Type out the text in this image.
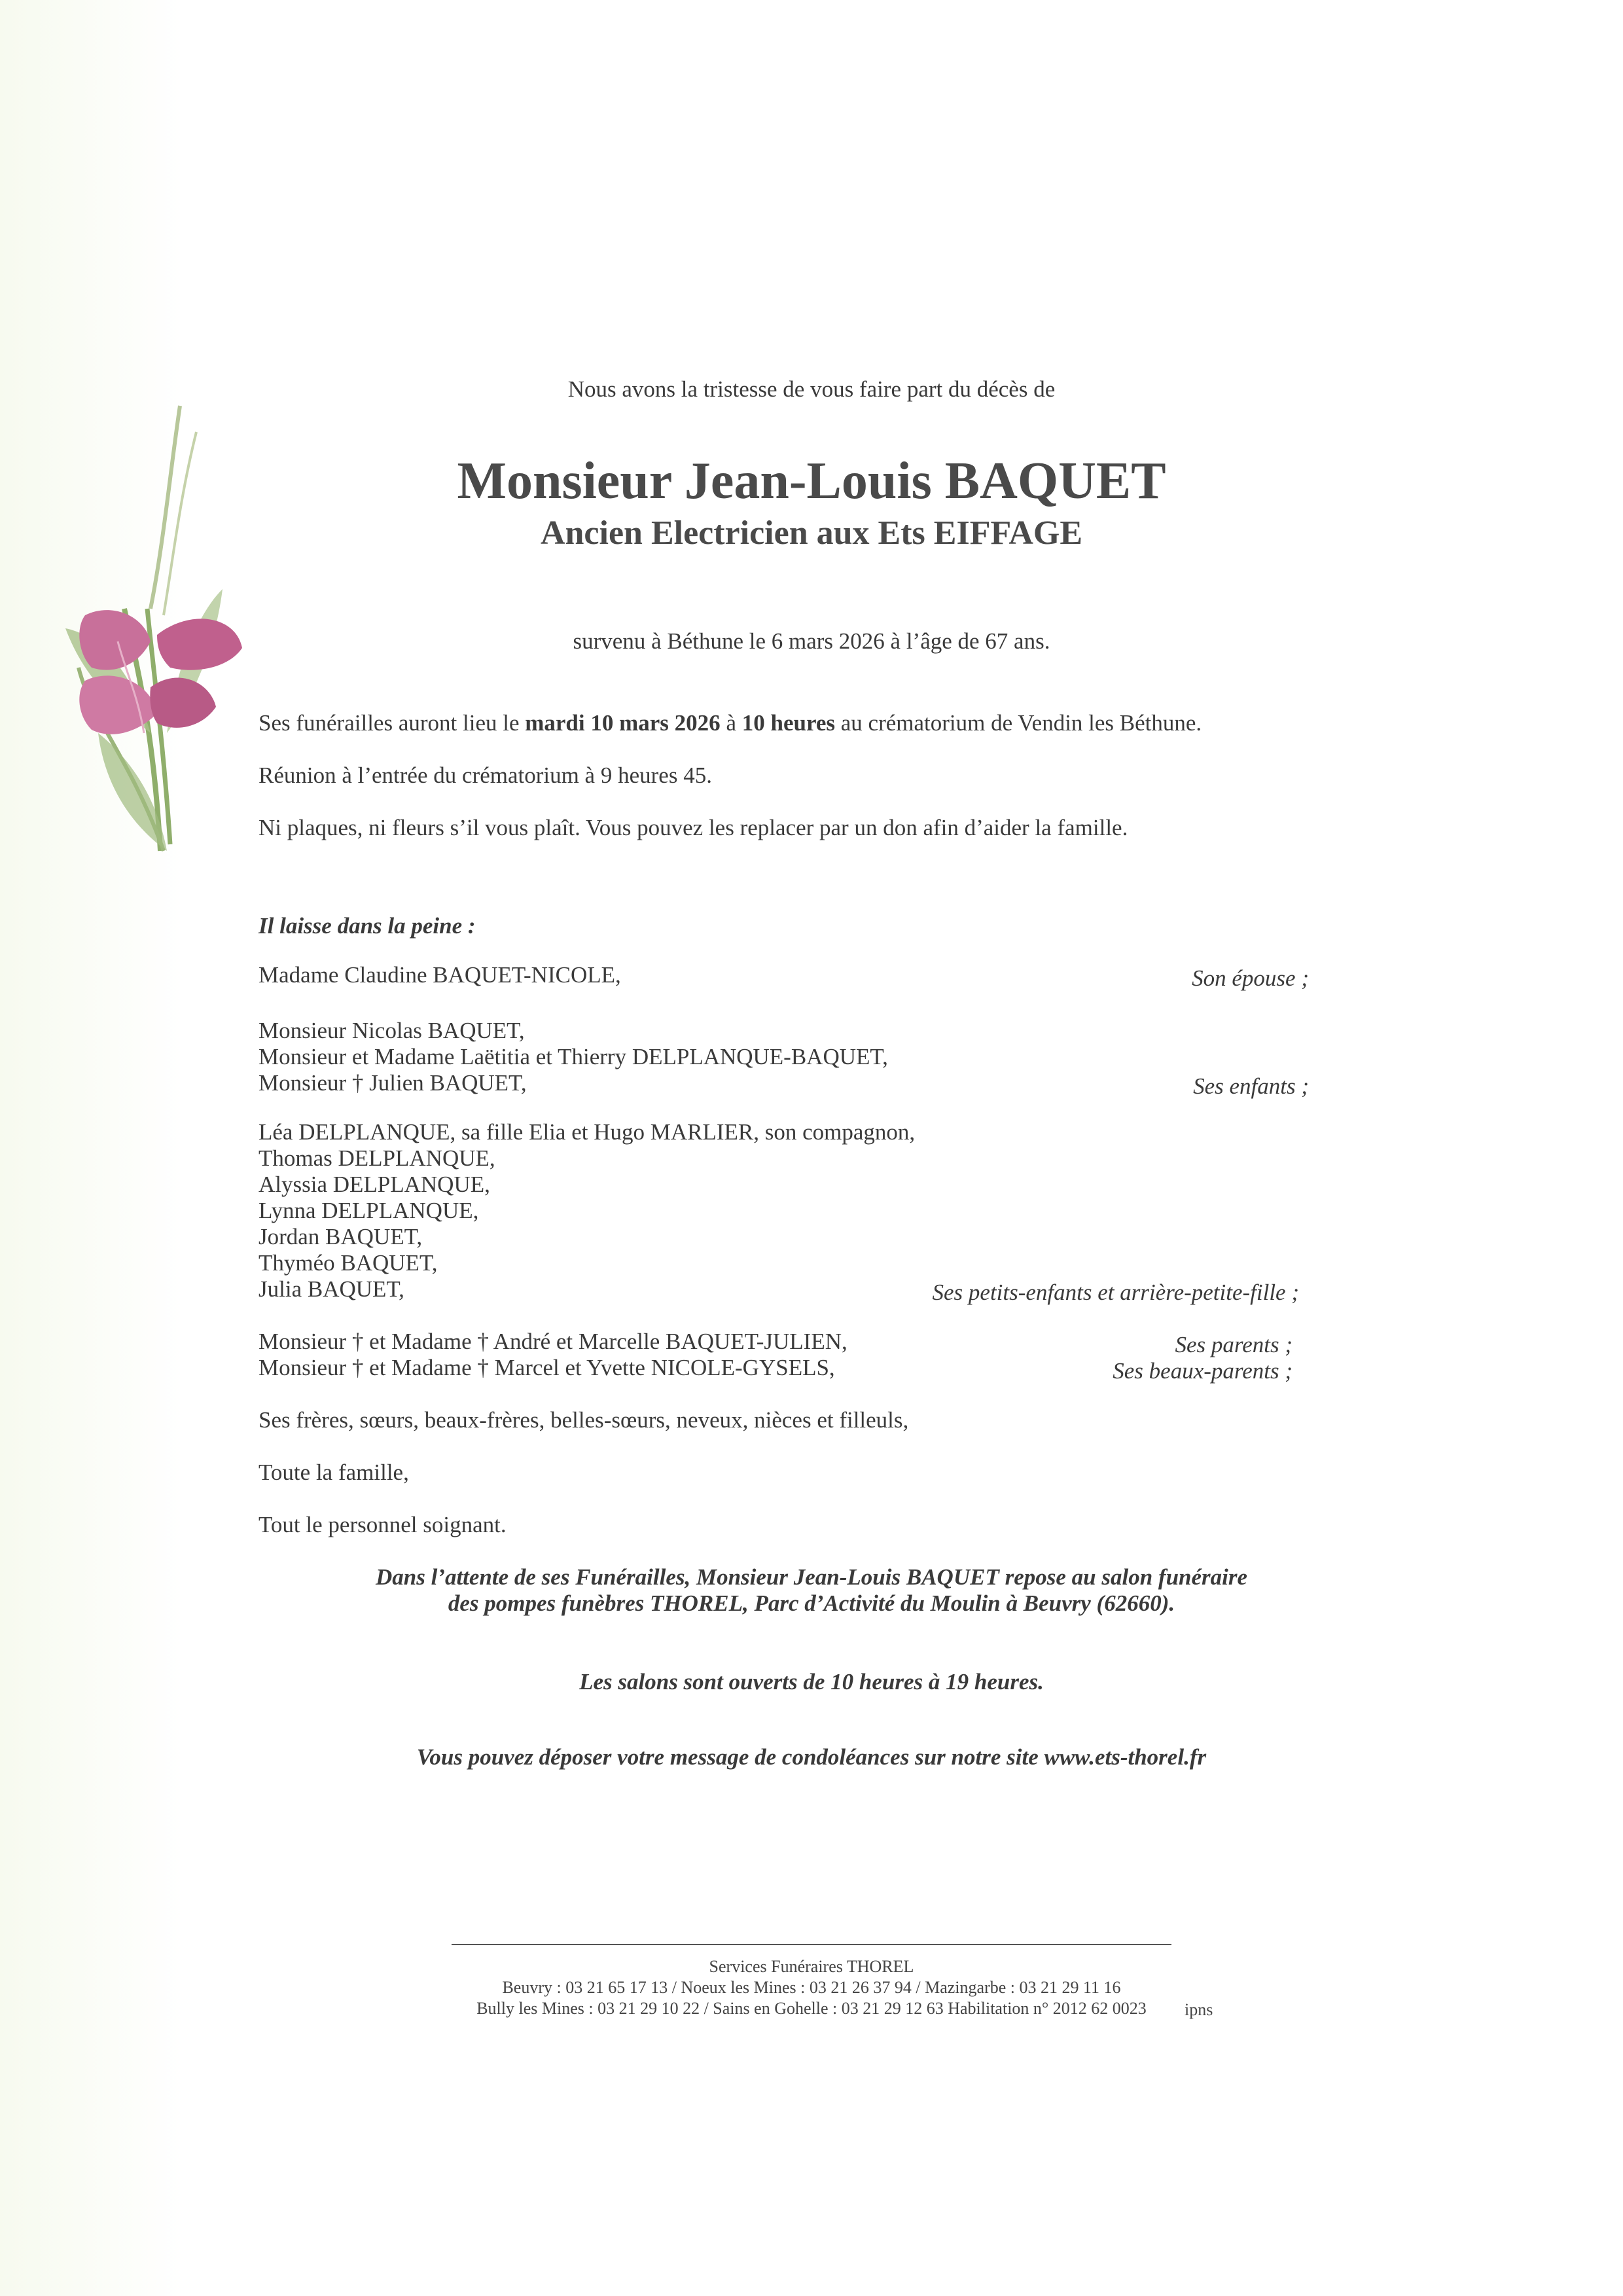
Nous avons la tristesse de vous faire part du décès de
Monsieur Jean-Louis BAQUET
Ancien Electricien aux Ets EIFFAGE
survenu à Béthune le 6 mars 2026 à l’âge de 67 ans.
Ses funérailles auront lieu le mardi 10 mars 2026 à 10 heures au crématorium de Vendin les Béthune.
Réunion à l’entrée du crématorium à 9 heures 45.
Ni plaques, ni fleurs s’il vous plaît. Vous pouvez les replacer par un don afin d’aider la famille.
Il laisse dans la peine :
Madame Claudine BAQUET-NICOLE,	Son épouse ;
Monsieur Nicolas BAQUET,
Monsieur et Madame Laëtitia et Thierry DELPLANQUE-BAQUET,
Monsieur † Julien BAQUET,	Ses enfants ;
Léa DELPLANQUE, sa fille Elia et Hugo MARLIER, son compagnon,
Thomas DELPLANQUE,
Alyssia DELPLANQUE,
Lynna DELPLANQUE,
Jordan BAQUET,
Thyméo BAQUET,
Julia BAQUET,	Ses petits-enfants et arrière-petite-fille ;
Monsieur † et Madame † André et Marcelle BAQUET-JULIEN,	Ses parents ;
Monsieur † et Madame † Marcel et Yvette NICOLE-GYSELS,	Ses beaux-parents ;
Ses frères, sœurs, beaux-frères, belles-sœurs, neveux, nièces et filleuls,
Toute la famille,
Tout le personnel soignant.
Dans l’attente de ses Funérailles, Monsieur Jean-Louis BAQUET repose au salon funéraire
des pompes funèbres THOREL, Parc d’Activité du Moulin à Beuvry (62660).
Les salons sont ouverts de 10 heures à 19 heures.
Vous pouvez déposer votre message de condoléances sur notre site www.ets-thorel.fr
Services Funéraires THOREL
Beuvry : 03 21 65 17 13 / Noeux les Mines : 03 21 26 37 94 / Mazingarbe : 03 21 29 11 16
Bully les Mines : 03 21 29 10 22 / Sains en Gohelle : 03 21 29 12 63 Habilitation n° 2012 62 0023	ipns
